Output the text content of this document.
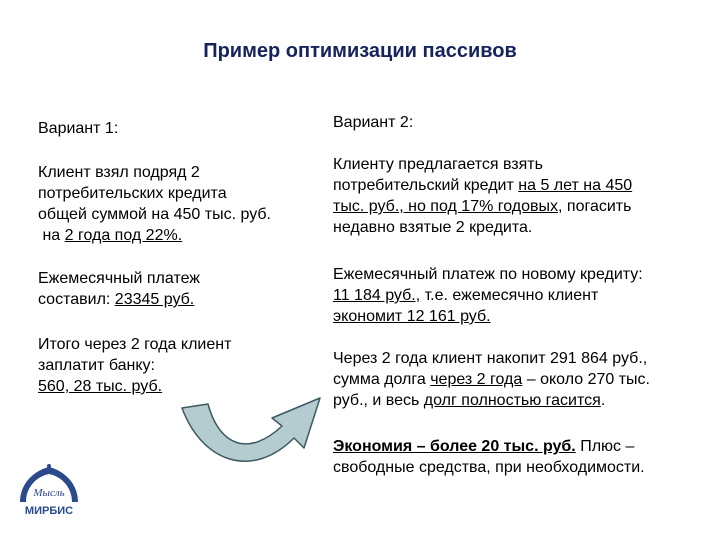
Пример оптимизации пассивов
Вариант 1:
Клиент взял подряд 2
потребительских кредита
общей суммой на 450 тыс. руб.
на 2 года под 22%.
Ежемесячный платеж
составил: 23345 руб.
Итого через 2 года клиент
заплатит банку:
560, 28 тыс. руб.
Вариант 2:
Клиенту предлагается взять
потребительский кредит на 5 лет на 450
тыс. руб., но под 17% годовых, погасить
недавно взятые 2 кредита.
Ежемесячный платеж по новому кредиту:
11 184 руб., т.е. ежемесячно клиент
экономит 12 161 руб.
Через 2 года клиент накопит 291 864 руб.,
сумма долга через 2 года – около 270 тыс.
руб., и весь долг полностью гасится.
Экономия – более 20 тыс. руб. Плюс –
свободные средства, при необходимости.
Мысль
МИРБИС
